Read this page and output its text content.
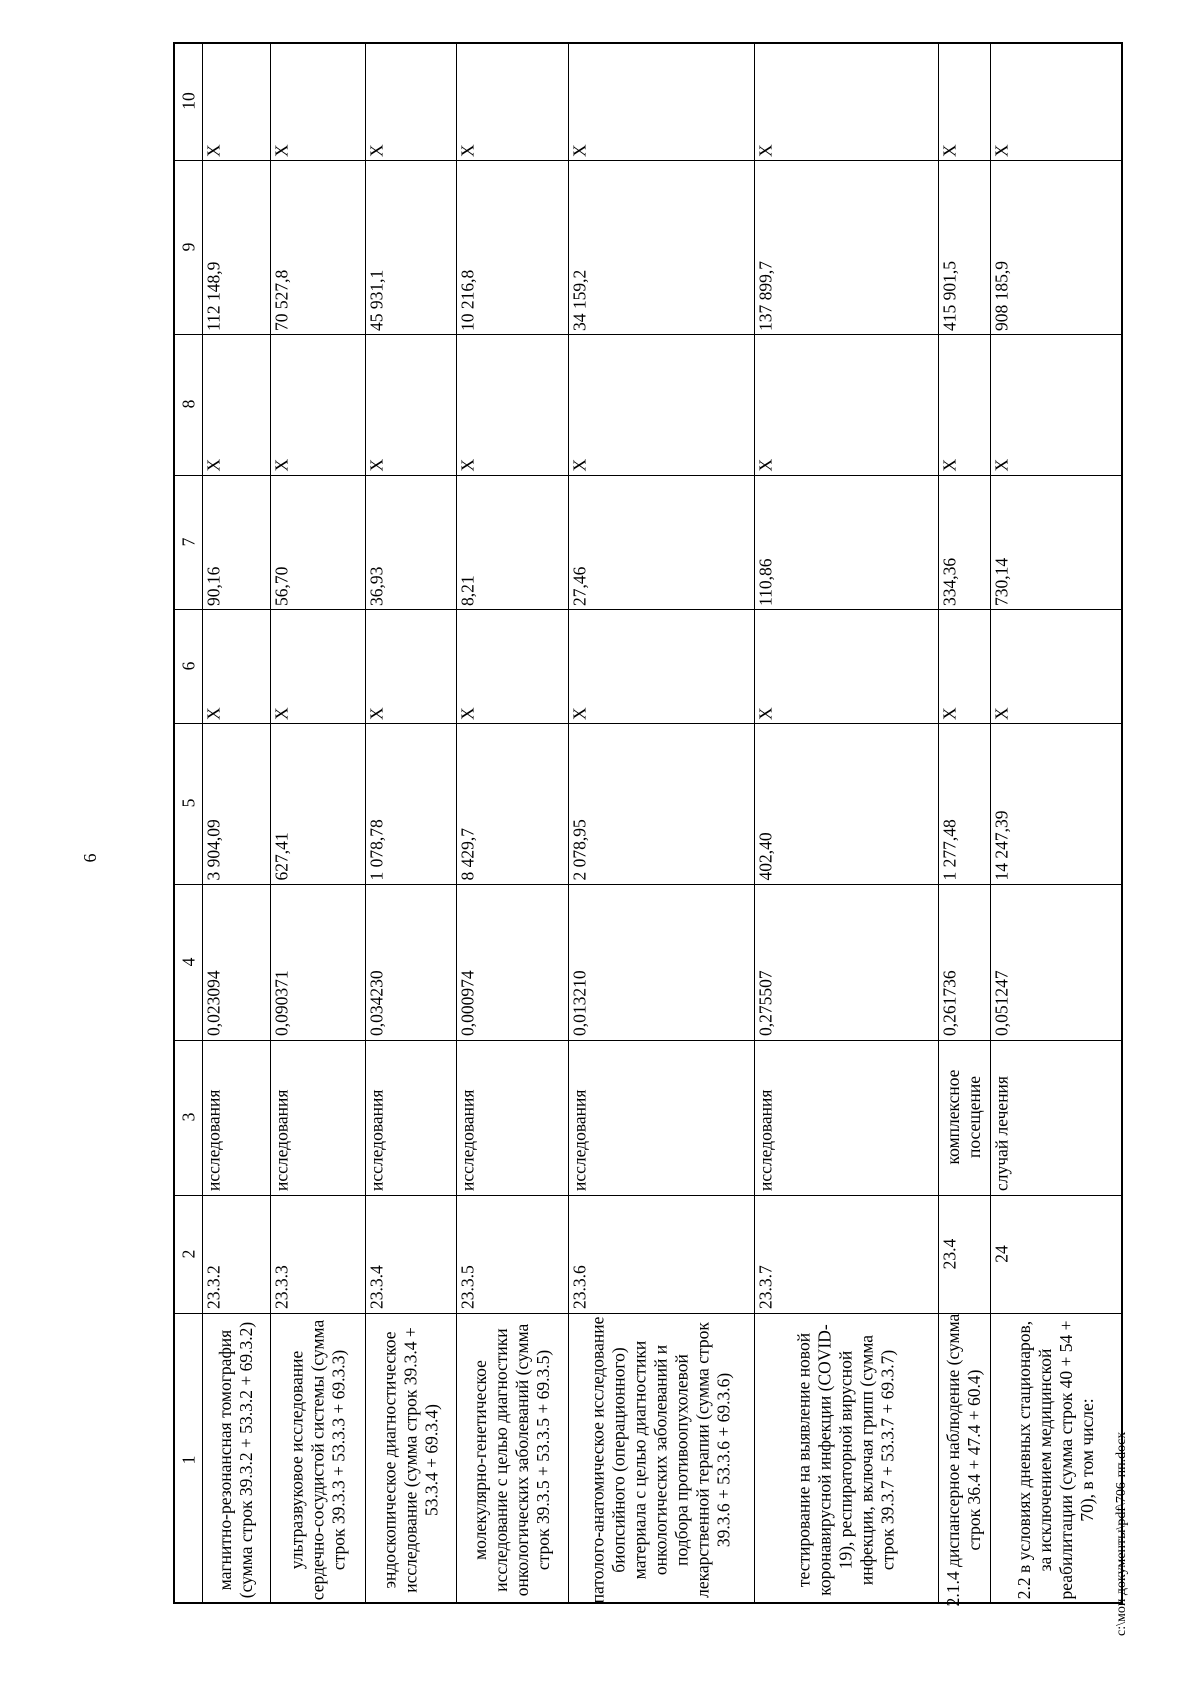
6
1
2
3
4
5
6
7
8
9
10
магнитно-резонансная томография (сумма строк 39.3.2 + 53.3.2 + 69.3.2)
23.3.2
исследования
0,023094
3 904,09
Х
90,16
Х
112 148,9
Х
ультразвуковое исследование сердечно-сосудистой системы (сумма строк 39.3.3 + 53.3.3 + 69.3.3)
23.3.3
исследования
0,090371
627,41
Х
56,70
Х
70 527,8
Х
эндоскопическое диагностическое исследование (сумма строк 39.3.4 + 53.3.4 + 69.3.4)
23.3.4
исследования
0,034230
1 078,78
Х
36,93
Х
45 931,1
Х
молекулярно-генетическое исследование с целью диагностики онкологических заболеваний (сумма строк 39.3.5 + 53.3.5 + 69.3.5)
23.3.5
исследования
0,000974
8 429,7
Х
8,21
Х
10 216,8
Х
патолого-анатомическое исследование биопсийного (операционного) материала с целью диагностики онкологических заболеваний и подбора противоопухолевой лекарственной терапии (сумма строк 39.3.6 + 53.3.6 + 69.3.6)
23.3.6
исследования
0,013210
2 078,95
Х
27,46
Х
34 159,2
Х
тестирование на выявление новой коронавирусной инфекции (COVID-19), респираторной вирусной инфекции, включая грипп (сумма строк 39.3.7 + 53.3.7 + 69.3.7)
23.3.7
исследования
0,275507
402,40
Х
110,86
Х
137 899,7
Х
2.1.4 диспансерное наблюдение (сумма строк 36.4 + 47.4 + 60.4)
23.4
комплексное посещение
0,261736
1 277,48
Х
334,36
Х
415 901,5
Х
2.2 в условиях дневных стационаров, за исключением медицинской реабилитации (сумма строк 40 + 54 + 70), в том числе:
24
случай лечения
0,051247
14 247,39
Х
730,14
Х
908 185,9
Х
c:\мои документы\pdf\706-пп.docx
